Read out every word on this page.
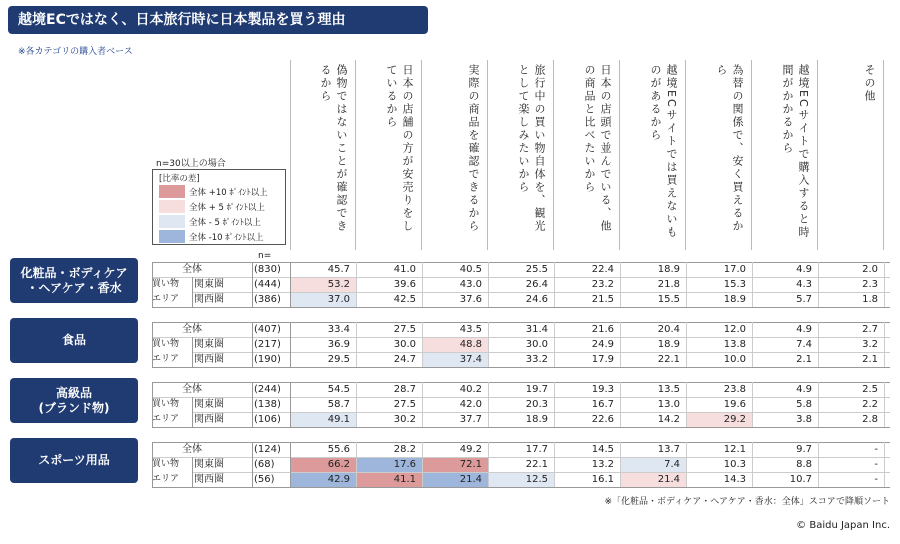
越境ECではなく、日本旅行時に日本製品を買う理由
※各カテゴリの購入者ベース
n=30以上の場合
[比率の差]
全体 +10 ﾎﾟｲﾝﾄ以上
全体 + 5 ﾎﾟｲﾝﾄ以上
全体 - 5 ﾎﾟｲﾝﾄ以上
全体 -10 ﾎﾟｲﾝﾄ以上
n=
偽物ではないことが確認できるから	日本の店舗の方が安売りをしているから	実際の商品を確認できるから	旅行中の買い物自体を、観光として楽しみたいから	日本の店頭で並んでいる、他の商品と比べたいから	越境ECサイトでは買えないものがあるから	為替の関係で、安く買えるから	越境ECサイトで購入すると時間がかかるから	その他
化粧品・ボディケア
・ヘアケア・香水
全体	(830)	45.7	41.0	40.5	25.5	22.4	18.9	17.0	4.9	2.0
買い物 関東圏	(444)	53.2	39.6	43.0	26.4	23.2	21.8	15.3	4.3	2.3
エリア 関西圏	(386)	37.0	42.5	37.6	24.6	21.5	15.5	18.9	5.7	1.8
食品
全体	(407)	33.4	27.5	43.5	31.4	21.6	20.4	12.0	4.9	2.7
買い物 関東圏	(217)	36.9	30.0	48.8	30.0	24.9	18.9	13.8	7.4	3.2
エリア 関西圏	(190)	29.5	24.7	37.4	33.2	17.9	22.1	10.0	2.1	2.1
高級品
(ブランド物)
全体	(244)	54.5	28.7	40.2	19.7	19.3	13.5	23.8	4.9	2.5
買い物 関東圏	(138)	58.7	27.5	42.0	20.3	16.7	13.0	19.6	5.8	2.2
エリア 関西圏	(106)	49.1	30.2	37.7	18.9	22.6	14.2	29.2	3.8	2.8
スポーツ用品
全体	(124)	55.6	28.2	49.2	17.7	14.5	13.7	12.1	9.7	-
買い物 関東圏	(68)	66.2	17.6	72.1	22.1	13.2	7.4	10.3	8.8	-
エリア 関西圏	(56)	42.9	41.1	21.4	12.5	16.1	21.4	14.3	10.7	-
※「化粧品・ボディケア・ヘアケア・香水：全体」スコアで降順ソート
© Baidu Japan Inc.
